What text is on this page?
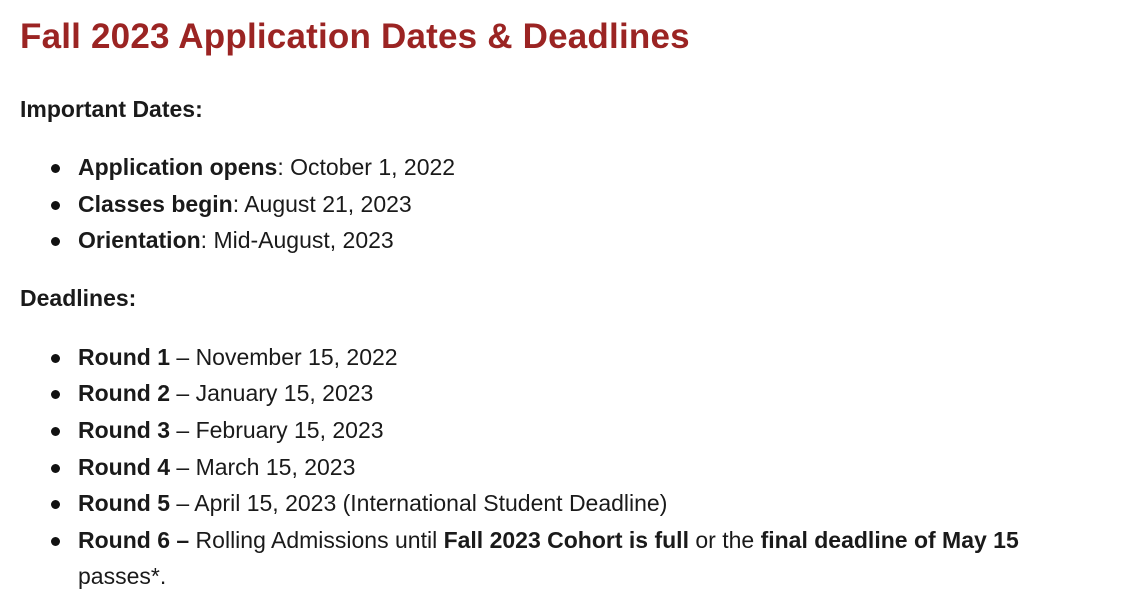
Fall 2023 Application Dates & Deadlines
Important Dates:
Application opens: October 1, 2022
Classes begin: August 21, 2023
Orientation: Mid-August, 2023
Deadlines:
Round 1 – November 15, 2022
Round 2 – January 15, 2023
Round 3 – February 15, 2023
Round 4 – March 15, 2023
Round 5 – April 15, 2023 (International Student Deadline)
Round 6 – Rolling Admissions until Fall 2023 Cohort is full or the final deadline of May 15 passes*.
